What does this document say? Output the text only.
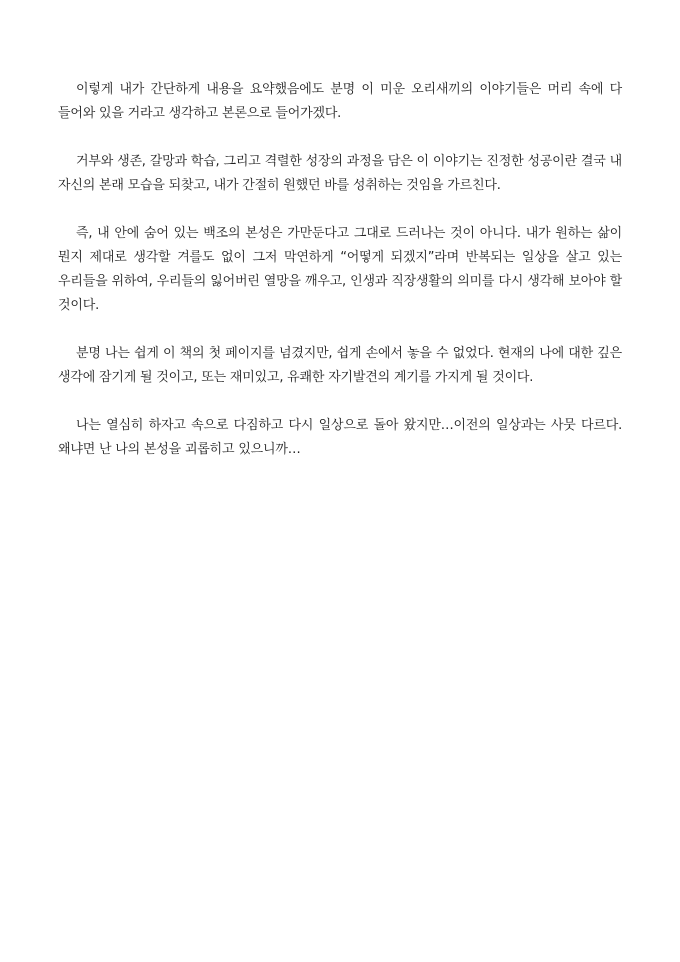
이렇게 내가 간단하게 내용을 요약했음에도 분명 이 미운 오리새끼의 이야기들은 머리 속에 다 들어와 있을 거라고 생각하고 본론으로 들어가겠다.

거부와 생존, 갈망과 학습, 그리고 격렬한 성장의 과정을 담은 이 이야기는 진정한 성공이란 결국 내 자신의 본래 모습을 되찾고, 내가 간절히 원했던 바를 성취하는 것임을 가르친다.

즉, 내 안에 숨어 있는 백조의 본성은 가만둔다고 그대로 드러나는 것이 아니다. 내가 원하는 삶이 뭔지 제대로 생각할 겨를도 없이 그저 막연하게 “어떻게 되겠지”라며 반복되는 일상을 살고 있는 우리들을 위하여, 우리들의 잃어버린 열망을 깨우고, 인생과 직장생활의 의미를 다시 생각해 보아야 할 것이다.

분명 나는 쉽게 이 책의 첫 페이지를 넘겼지만, 쉽게 손에서 놓을 수 없었다. 현재의 나에 대한 깊은 생각에 잠기게 될 것이고, 또는 재미있고, 유쾌한 자기발견의 계기를 가지게 될 것이다.

나는 열심히 하자고 속으로 다짐하고 다시 일상으로 돌아 왔지만…이전의 일상과는 사뭇 다르다. 왜냐면 난 나의 본성을 괴롭히고 있으니까…
